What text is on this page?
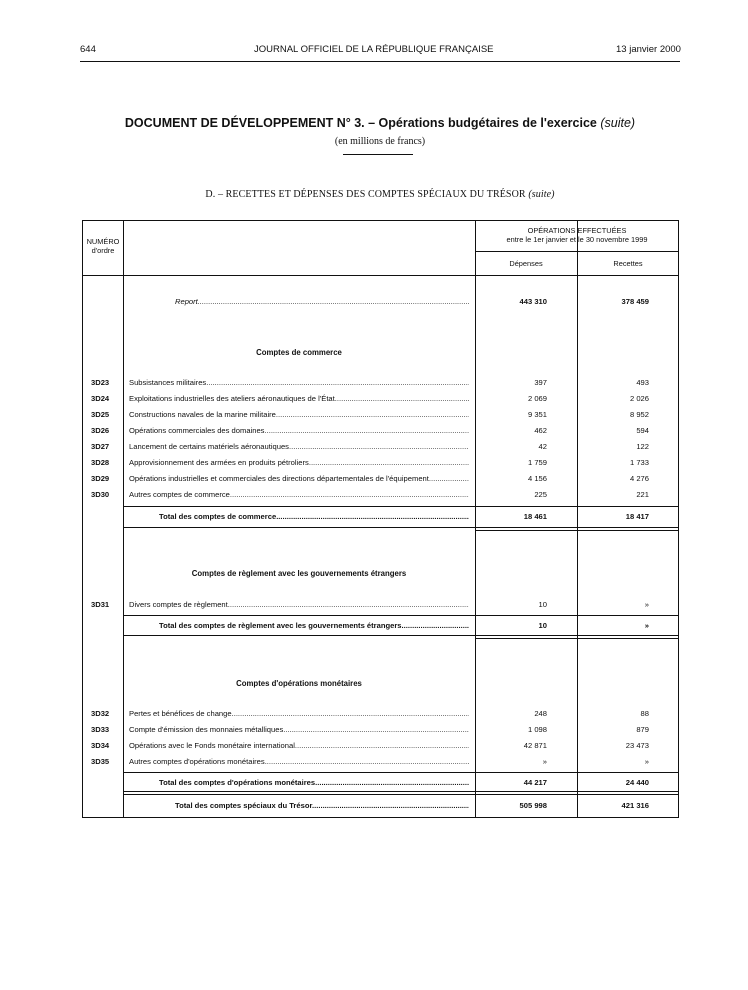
644	JOURNAL OFFICIEL DE LA RÉPUBLIQUE FRANÇAISE	13 janvier 2000
DOCUMENT DE DÉVELOPPEMENT N° 3. – Opérations budgétaires de l'exercice (suite)
(en millions de francs)
D. – RECETTES ET DÉPENSES DES COMPTES SPÉCIAUX DU TRÉSOR (suite)
NUMÉRO
d'ordre
OPÉRATIONS EFFECTUÉES
entre le 1er janvier et le 30 novembre 1999
Dépenses	Recettes
Report .....	443 310	378 459
Comptes de commerce
3D23	Subsistances militaires .....	397	493
3D24	Exploitations industrielles des ateliers aéronautiques de l'État .....	2 069	2 026
3D25	Constructions navales de la marine militaire .....	9 351	8 952
3D26	Opérations commerciales des domaines .....	462	594
3D27	Lancement de certains matériels aéronautiques .....	42	122
3D28	Approvisionnement des armées en produits pétroliers .....	1 759	1 733
3D29	Opérations industrielles et commerciales des directions départementales de l'équipement .....	4 156	4 276
3D30	Autres comptes de commerce .....	225	221
Total des comptes de commerce .....	18 461	18 417
Comptes de règlement avec les gouvernements étrangers
3D31	Divers comptes de règlement .....	10	»
Total des comptes de règlement avec les gouvernements étrangers .....	10	»
Comptes d'opérations monétaires
3D32	Pertes et bénéfices de change .....	248	88
3D33	Compte d'émission des monnaies métalliques .....	1 098	879
3D34	Opérations avec le Fonds monétaire international .....	42 871	23 473
3D35	Autres comptes d'opérations monétaires .....	»	»
Total des comptes d'opérations monétaires .....	44 217	24 440
Total des comptes spéciaux du Trésor .....	505 998	421 316
